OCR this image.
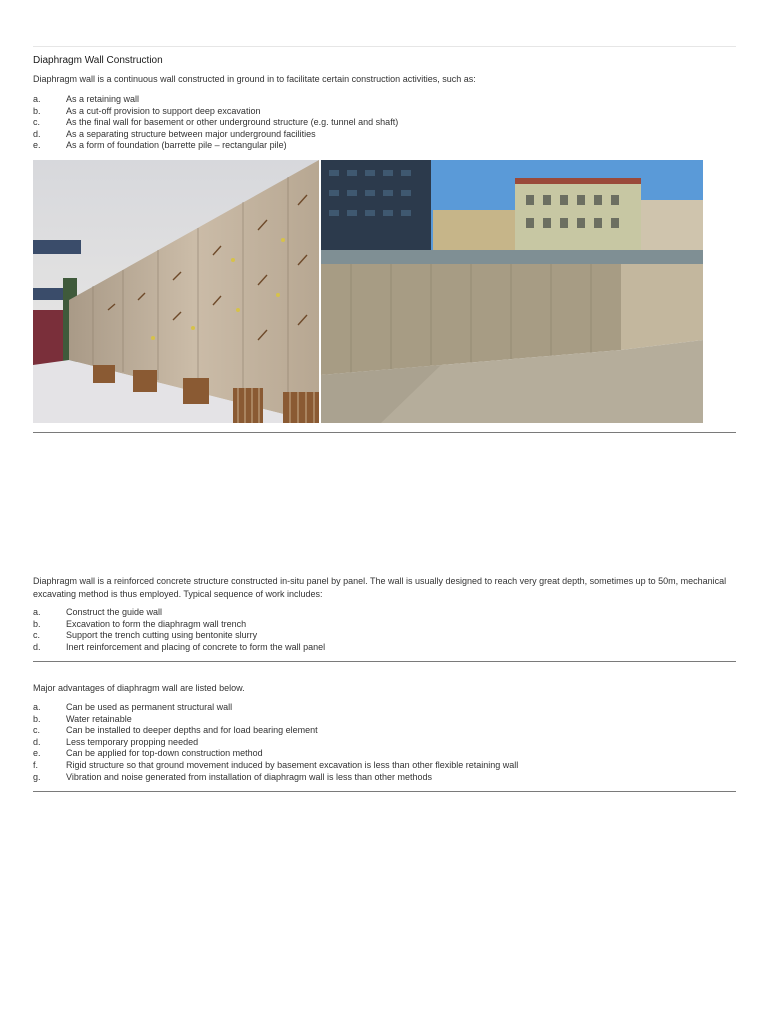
Diaphragm Wall Construction
Diaphragm wall is a continuous wall constructed in ground in to facilitate certain construction activities, such as:
a.	As a retaining wall
b.	As a cut-off provision to support deep excavation
c.	As the final wall for basement or other underground structure (e.g. tunnel and shaft)
d.	As a separating structure between major underground facilities
e.	As a form of foundation (barrette pile – rectangular pile)
Diaphragm wall is a reinforced concrete structure constructed in-situ panel by panel. The wall is usually designed to reach very great depth, sometimes up to 50m, mechanical excavating method is thus employed. Typical sequence of work includes:
a.	Construct the guide wall
b.	Excavation to form the diaphragm wall trench
c.	Support the trench cutting using bentonite slurry
d.	Inert reinforcement and placing of concrete to form the wall panel
Major advantages of diaphragm wall are listed below.
a.	Can be used as permanent structural wall
b.	Water retainable
c.	Can be installed to deeper depths and for load bearing element
d.	Less temporary propping needed
e.	Can be applied for top-down construction method
f.	Rigid structure so that ground movement induced by basement excavation is less than other flexible retaining wall
g.	Vibration and noise generated from installation of diaphragm wall is less than other methods
